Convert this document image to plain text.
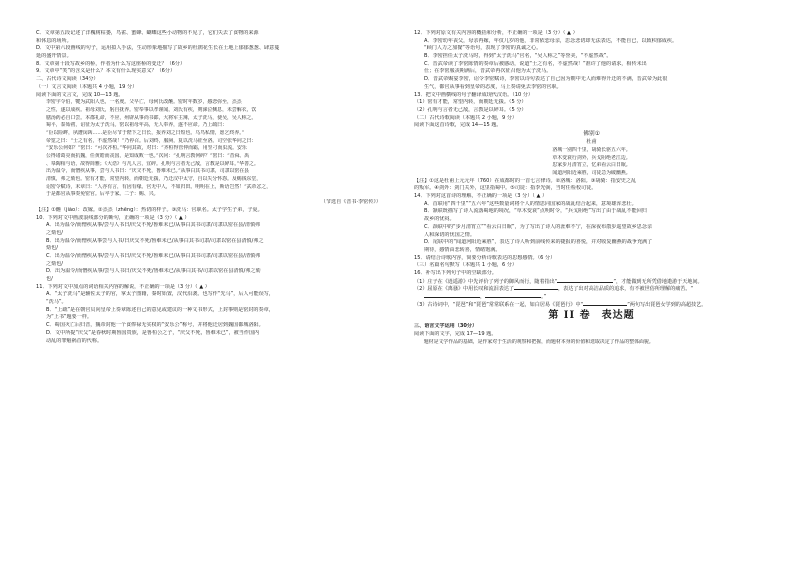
C．文章第五段记述了洋槐树枯萎，鸟雀、蜜蜂、蝴蝶这些小动物的不见了，它们失去了食物的来源
和休息的场所。
D．文中第六段画线的句子，运用拟人手法，生动形象地描写了故乡的杜鹃花生长在土地上郁郁葱葱、肆意蔓
延的盛开情景。
8．文章第十段写故乡的桥，作者为什么写这座桥的变迁？（6分）
9．文章中“笑”的含义是什么？本文有什么现实意义？（6分）
二、古代诗文阅读（34分）
（一）文言文阅读（本题共 4 小题，19 分）
阅读下面的文言文，完成 10—13 题。
李密字令伯，犍为武阳人也，一名虔。父早亡，母何氏改醮。密时年数岁，感恋弥至，烝烝
之性，遂以成疾。祖母刘氏，躬自抚养。密奉事以孝谨闻，刘氏有疾，则涕泣侧息，未尝解衣，饮
膳汤药必自口尝。本郡礼命，不应，州辟从事尚书郎，大将军主簿，太子洗马，使吴，吴人称之。
蜀平，泰始初，诏征为太子洗马。密以祖母年高，无人奉养，遂不应命。乃上疏曰：
“臣以险衅，夙遭闵凶……是臣尽节于陛下之日长，报养刘之日短也。乌鸟私情，愿乞终养。”
帝览之曰：“士之有名，不虚然哉！”乃停召。后刘终，服阕，复以洗马征至洛。司空张华问之曰：
“安乐公何如？”密曰：“可次齐桓。”华问其故，对曰：“齐桓得管仲而霸，用竖刁而虫流。安乐
公得诸葛亮而抗魏，任黄皓而丧国，是知成败一也。”次问：“孔明言教何碎？”密曰：“昔舜、禹
、皋陶相与语，故得简雅；《大诰》与凡人言，宜碎。孔明与言者无己敌，言教是以碎耳。”华善之。
出为温令，而憎疾从事，尝与人书曰：“庆父不死，鲁难未已。”从事白其书司隶，司隶以密在县
清慎，弗之劾也。密有才能，常望内转，而朝廷无援，乃迁汉中太守，自以失分怀怨。及赐钱东堂，
诏密令赋诗，末章曰：“人亦有言，有因有缘。官无中人，不如归田。明明在上，斯语岂然！”武帝忿之，
于是都官从事奏免密官。后卒于家。二子：赐、兴。
（节选自《晋书·李密传》）
【注】①醮（jiào）：改嫁。②烝烝（zhēng）：热切的样子。③洗马：官职名。太子学生子弟，子夏。
10．下列对文中画波浪线部分的断句，正确的一项是（3 分）（ ▲ ）
A．出为温令/而憎疾从事/尝与人书曰/庆父不死/鲁难未已/从事白其书司隶/司隶以密在县/清慎弗
之劾也/
B．出为温令/而憎疾从事尝与人书/曰庆父不死/鲁难未已/从事白其书司隶/司隶以密在县清慎/弗之
劾也/
C．出为温令/而憎疾从事/尝与人书曰/庆父不死/鲁难未已/从事白其书司隶/司隶以密在县/清慎弗
之劾也/
D．出为温令/而憎疾从事/尝与人书曰/庆父不死/鲁难未已/从事白其书/司隶以密在县清慎/弗之劾
也/
11．下列对文中加点的词语相关内容的解说，不正确的一项是（3 分）（ ▲ ）
A．“太子洗马”是辅佐太子的官，掌太子图籍，秦时始置，汉代沿袭。也写作“先马”，后人可能误写，
“洗马”。
B．“上疏”是在朝官员向皇帝上奏章陈述自己的意见或建议的一种文书形式，上封事则是密封的奏章，
为“上书”题要一样。
C．蜀国灭亡后归晋，魏帝封他一个食俸禄无实权的“安乐公”称号，并将他迁居到魏国都城洛阳。
D．文中所提“庆父”是春秋时期鲁国贵族，是鲁桓公之子，“庆父不死，鲁难未已”，被当作国内
动乱的罪魁祸首的代称。
12．下列对原文有关内容的概括和分析，不正确的一项是（3 分）（ ▲ ）
A．李密幼年丧父，母亲再嫁，年仅几岁的他，非常依恋母亲，思念悲切却无法表达，不能自已，以致积郁成疾。
“顾门人力之加餐”等语句，表现了李密的真诚之心。
B．李密担任太子洗马时，得到“太子洗马”官名，“吴人称之”等誉美，“不虚然哉”。
C．晋武帝读了李密陈情的奏章后被感动，说道“士之有名，不虚然哉！”准许了他的请求，相传未出
仕；在李密服丧期满后，晋武帝再次征召他为太子洗马。
D．晋武帝赐宴李密，诏令李密赋诗，李密以诗句表达了自己因为朝中无人而难得升迁的不满，晋武帝为此很
生气，都官从事看到皇帝的态度，马上奏请免去李密的官职。
13．把文中画横线的句子翻译成现代汉语。（10 分）
（1）密有才能，常望内转，而朝廷无援。（5 分）
（2）孔明与言者无己敌，言教是以碎耳。（5 分）
（二）古代诗歌阅读（本题共 2 小题，9 分）
阅读下面这首诗歌，完成 14—15 题。
佛别①
杜甫
洛城一别四千里，胡骑长驱五六年。
草木变衰行剑外，兵戈阻绝老江边。
思家步月清宵立，忆弟看云白日眠。
闻道河阳近乘胜，司徒急为破幽燕。
【注】①这是杜甫上元元年（760）在成都时的一首七言律诗。②洛城：洛阳。③胡骑：指安史之乱
的叛军。④剑外：剑门关外，这里指蜀中。⑤司徒：指李光弼，当时任检校司徒。
14．下列对这首诗的理解，不正确的一项是（3 分）（ ▲ ）
A．首联用“四千里”“五六年”这些数量词将个人的情思同国家的战乱结合起来，意境雄浑悲壮。
B．颔联既描写了诗人流落蜀地的境况，“草木变衰”点明时令，“兵戈阻绝”写出了由于战乱不能回归
故乡的忧闷。
C．颈联中的“步月清宵立”“看云白日眠”，为了写出了诗人的涯难不宁，在深夜布散步遥望故乡思念亲
人和深切的忧国之情。
D．尾联中的“闻道河阳近乘胜”，表达了诗人听到前线传来的捷报的喜悦，并对收复幽燕的战争充满了
期待，感情由悲转喜，情绪饱满。
15．请结合诗歌内容，简要分析诗歌表达的思想感情。（6 分）
（三）名篇名句默写（本题共 1 小题，6 分）
16．补写出下列句子中的空缺部分。
（1）庄子在《逍遥游》中先评价了列子的御风而行，随着指出“	”，才能做到无所凭借地遨游于天地间。
（2）屈原在《离骚》中用长叹和流泪表达了	，表达了出对高洁品质的追求，有不被世俗所理解的痛苦。“
，	。”
（3）古诗词中，“琵琶”和“琵琶”常常联系在一起，如白居易《琵琶行》中“	”两句写出琵琶女学到的高超技艺。
第 II 卷　表达题
三、语言文字运用（30分）
阅读下面的文字，完成 17—19 题。
　　题材是文学作品的基础，是作家对于生活的观察和把握，而题材本身的价值和选取决定了作品的整体面貌。
